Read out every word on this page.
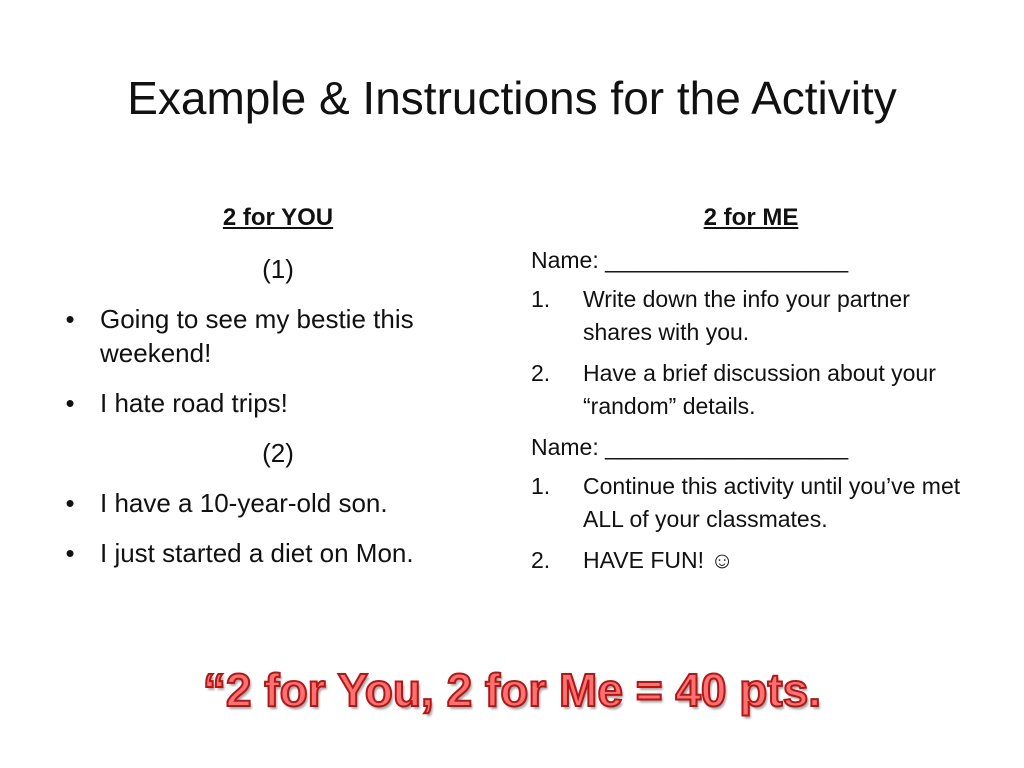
Example & Instructions for the Activity

2 for YOU

(1)

• Going to see my bestie this weekend!
• I hate road trips!

(2)

• I have a 10-year-old son.
• I just started a diet on Mon.

2 for ME

Name: ___________________

1. Write down the info your partner shares with you.
2. Have a brief discussion about your “random” details.

Name: ___________________

1. Continue this activity until you’ve met ALL of your classmates.
2. HAVE FUN! ☺
“2 for You, 2 for Me = 40 pts.
